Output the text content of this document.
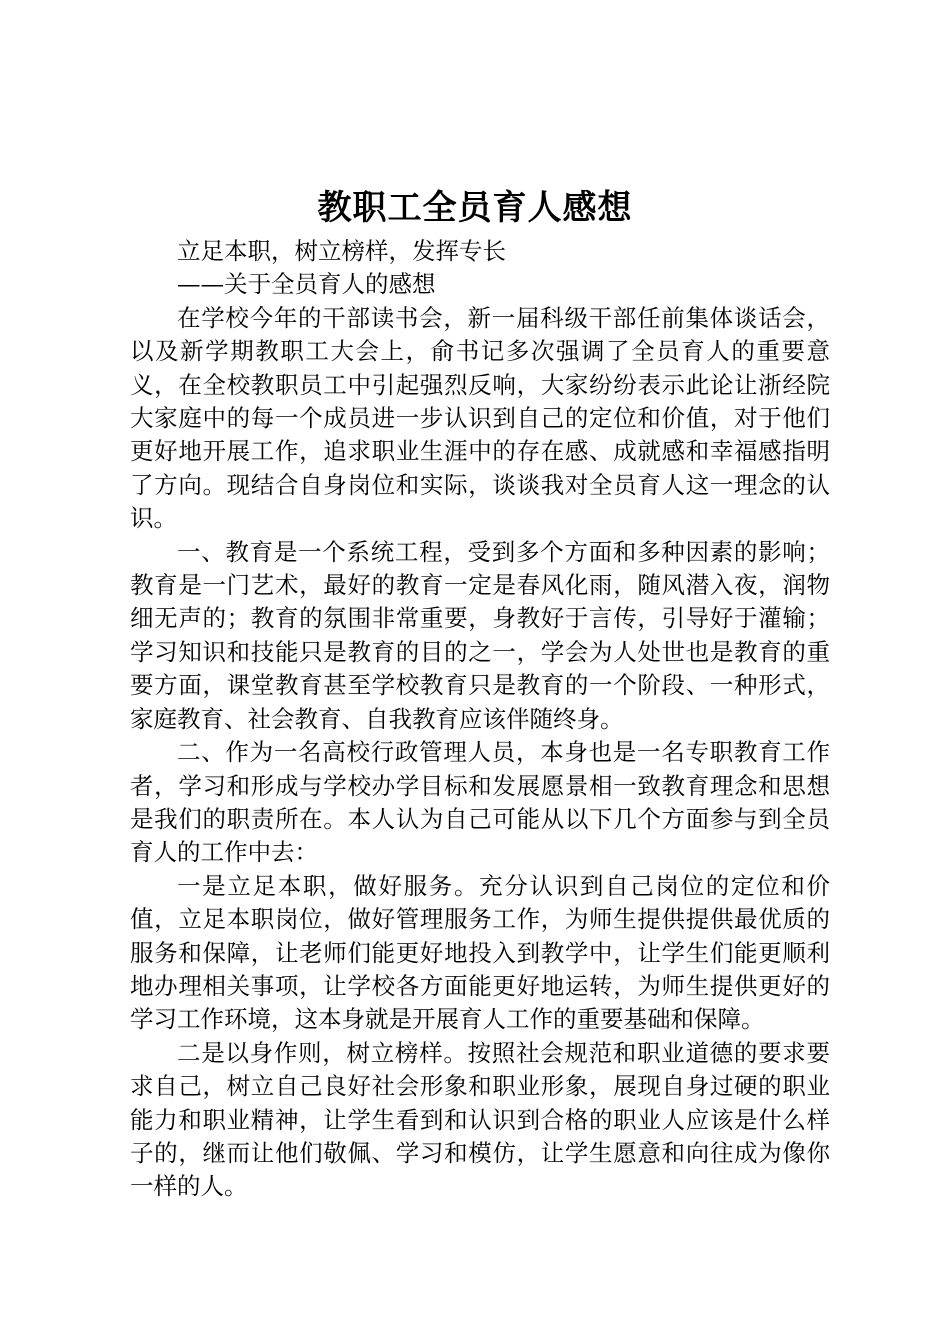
教职工全员育人感想

立足本职，树立榜样，发挥专长

——关于全员育人的感想

在学校今年的干部读书会，新一届科级干部任前集体谈话会，以及新学期教职工大会上，俞书记多次强调了全员育人的重要意义，在全校教职员工中引起强烈反响，大家纷纷表示此论让浙经院大家庭中的每一个成员进一步认识到自己的定位和价值，对于他们更好地开展工作，追求职业生涯中的存在感、成就感和幸福感指明了方向。现结合自身岗位和实际，谈谈我对全员育人这一理念的认识。

一、教育是一个系统工程，受到多个方面和多种因素的影响；教育是一门艺术，最好的教育一定是春风化雨，随风潜入夜，润物细无声的；教育的氛围非常重要，身教好于言传，引导好于灌输；学习知识和技能只是教育的目的之一，学会为人处世也是教育的重要方面，课堂教育甚至学校教育只是教育的一个阶段、一种形式，家庭教育、社会教育、自我教育应该伴随终身。

二、作为一名高校行政管理人员，本身也是一名专职教育工作者，学习和形成与学校办学目标和发展愿景相一致教育理念和思想是我们的职责所在。本人认为自己可能从以下几个方面参与到全员育人的工作中去：

一是立足本职，做好服务。充分认识到自己岗位的定位和价值，立足本职岗位，做好管理服务工作，为师生提供提供最优质的服务和保障，让老师们能更好地投入到教学中，让学生们能更顺利地办理相关事项，让学校各方面能更好地运转，为师生提供更好的学习工作环境，这本身就是开展育人工作的重要基础和保障。

二是以身作则，树立榜样。按照社会规范和职业道德的要求要求自己，树立自己良好社会形象和职业形象，展现自身过硬的职业能力和职业精神，让学生看到和认识到合格的职业人应该是什么样子的，继而让他们敬佩、学习和模仿，让学生愿意和向往成为像你一样的人。
